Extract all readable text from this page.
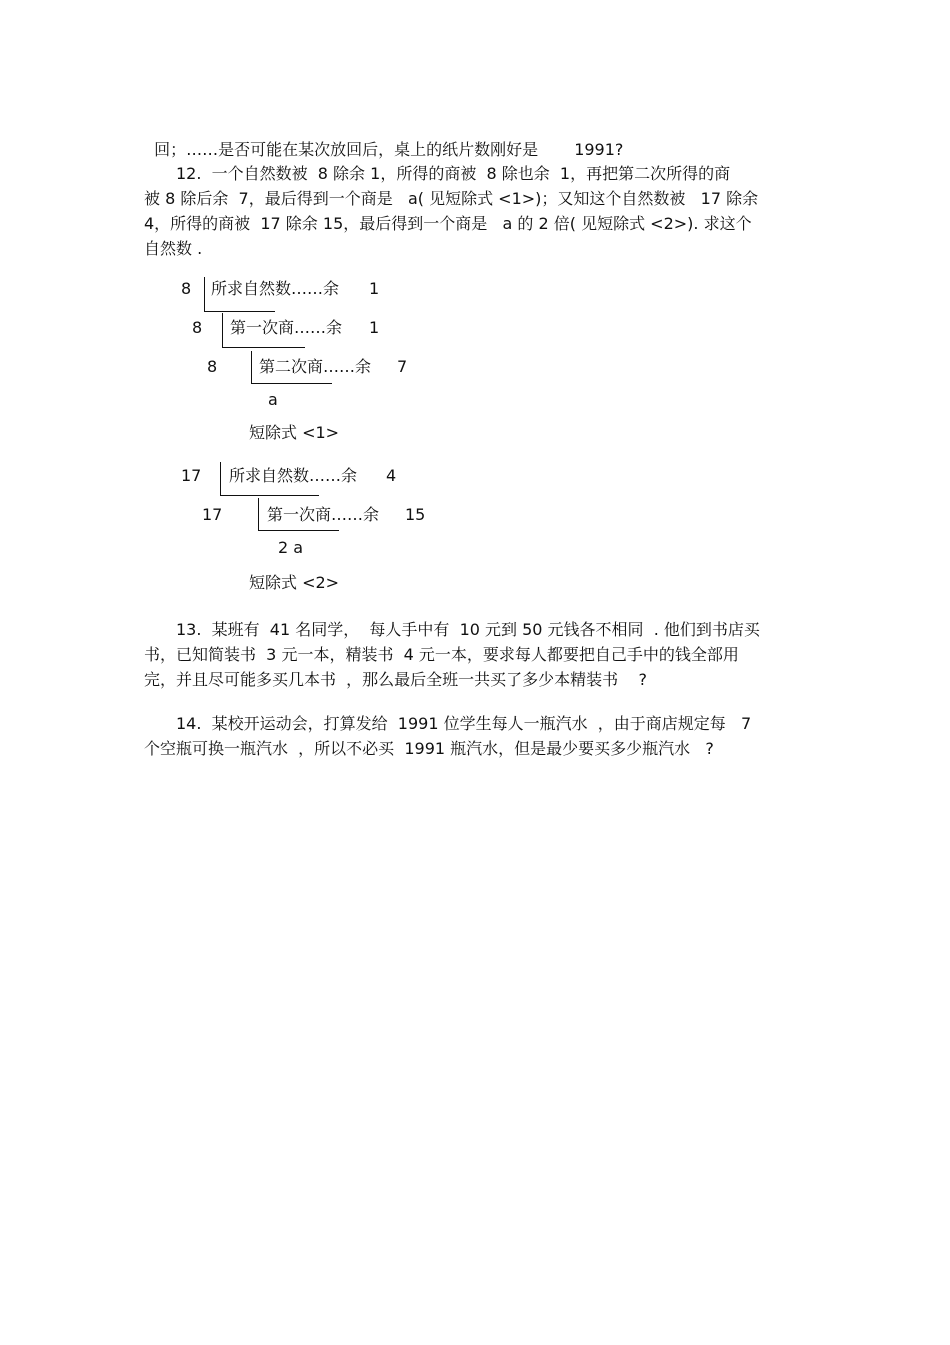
回；……是否可能在某次放回后，桌上的纸片数刚好是 1991?

12.  一个自然数被  8 除余 1，所得的商被  8 除也余  1，再把第二次所得的商
被 8 除后余  7，最后得到一个商是   a( 见短除式 <1>)；又知这个自然数被   17 除余
4，所得的商被  17 除余 15，最后得到一个商是   a 的 2 倍( 见短除式 <2>). 求这个
自然数 .
8 所求自然数……余 1
8 第一次商……余 1
8	第二次商……余 7
a
短除式 <1>
17 所求自然数……余 4
17	第一次商……余 15
2 a
短除式 <2>
13.  某班有  41 名同学，  每人手中有  10 元到 50 元钱各不相同  . 他们到书店买
书，已知简装书  3 元一本，精装书  4 元一本，要求每人都要把自己手中的钱全部用
完，并且尽可能多买几本书  ，那么最后全班一共买了多少本精装书    ?
14.  某校开运动会，打算发给  1991 位学生每人一瓶汽水  ，由于商店规定每   7
个空瓶可换一瓶汽水  ，所以不必买  1991 瓶汽水，但是最少要买多少瓶汽水   ?
